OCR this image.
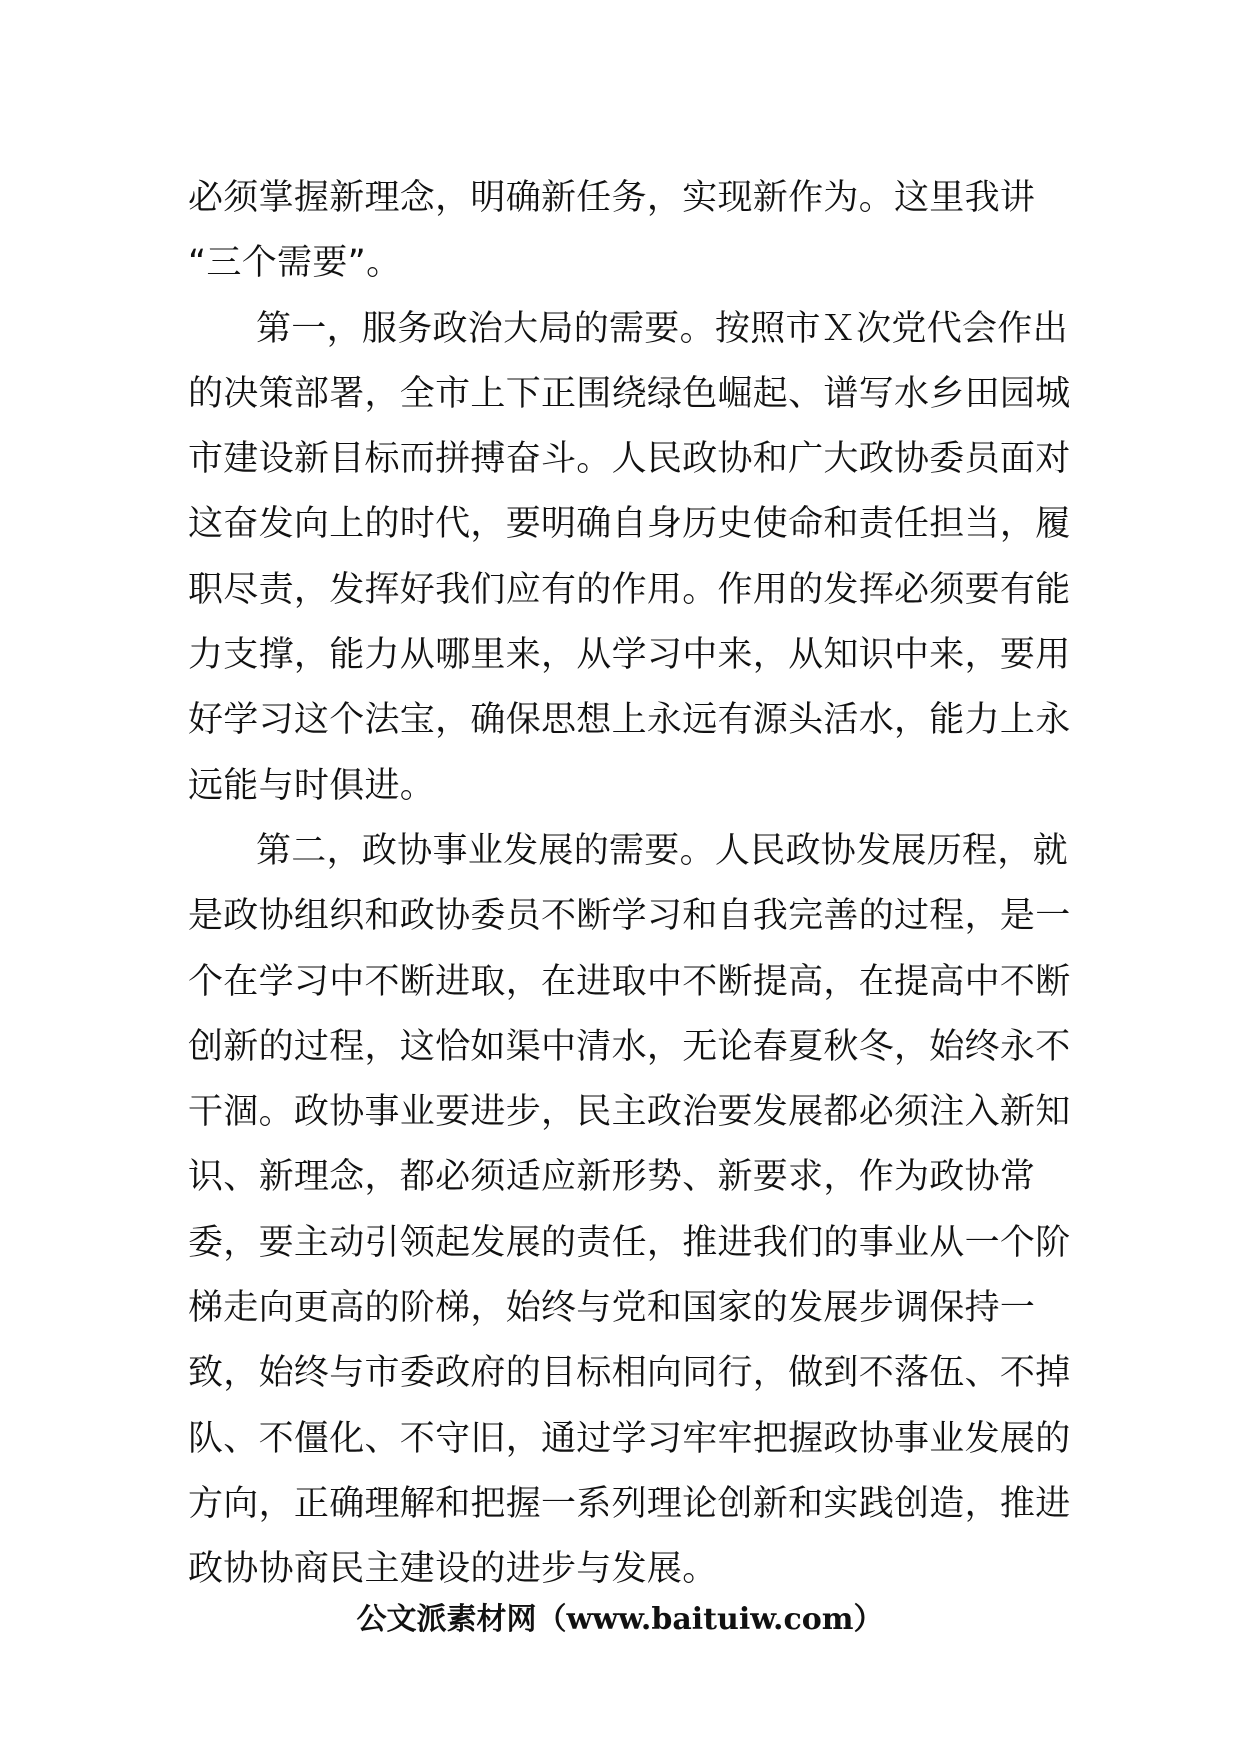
必须掌握新理念，明确新任务，实现新作为。这里我讲
“三个需要”。
第一，服务政治大局的需要。按照市Ｘ次党代会作出
的决策部署，全市上下正围绕绿色崛起、谱写水乡田园城
市建设新目标而拼搏奋斗。人民政协和广大政协委员面对
这奋发向上的时代，要明确自身历史使命和责任担当，履
职尽责，发挥好我们应有的作用。作用的发挥必须要有能
力支撑，能力从哪里来，从学习中来，从知识中来，要用
好学习这个法宝，确保思想上永远有源头活水，能力上永
远能与时俱进。
第二，政协事业发展的需要。人民政协发展历程，就
是政协组织和政协委员不断学习和自我完善的过程，是一
个在学习中不断进取，在进取中不断提高，在提高中不断
创新的过程，这恰如渠中清水，无论春夏秋冬，始终永不
干涸。政协事业要进步，民主政治要发展都必须注入新知
识、新理念，都必须适应新形势、新要求，作为政协常
委，要主动引领起发展的责任，推进我们的事业从一个阶
梯走向更高的阶梯，始终与党和国家的发展步调保持一
致，始终与市委政府的目标相向同行，做到不落伍、不掉
队、不僵化、不守旧，通过学习牢牢把握政协事业发展的
方向，正确理解和把握一系列理论创新和实践创造，推进
政协协商民主建设的进步与发展。
公文派素材网（www.baituiw.com）
